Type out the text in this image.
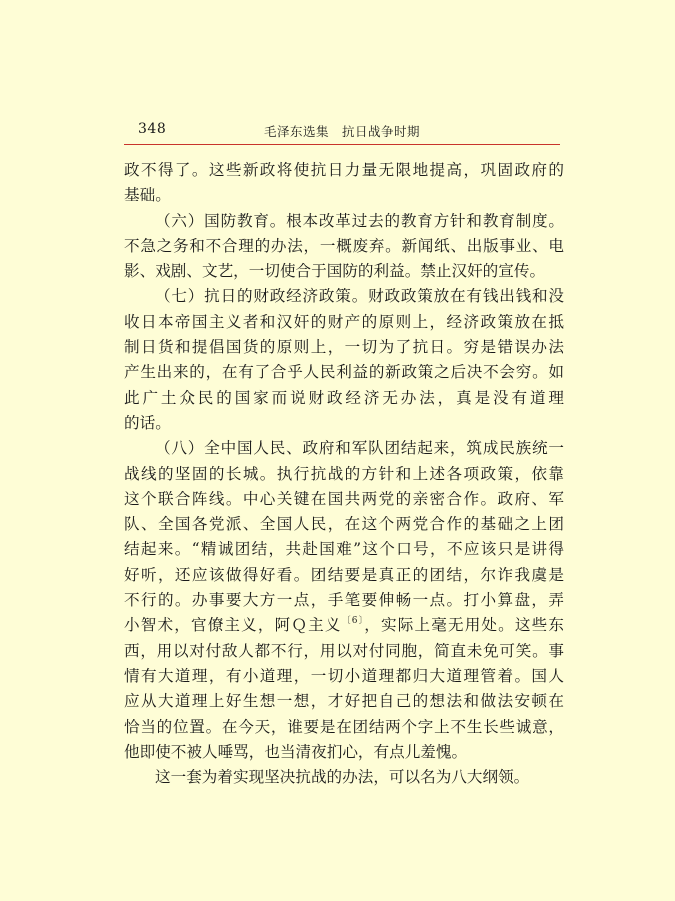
348	毛泽东选集　抗日战争时期
政不得了。这些新政将使抗日力量无限地提高，巩固政府的
基础。
（六）国防教育。根本改革过去的教育方针和教育制度。
不急之务和不合理的办法，一概废弃。新闻纸、出版事业、电
影、戏剧、文艺，一切使合于国防的利益。禁止汉奸的宣传。
（七）抗日的财政经济政策。财政政策放在有钱出钱和没
收日本帝国主义者和汉奸的财产的原则上，经济政策放在抵
制日货和提倡国货的原则上，一切为了抗日。穷是错误办法
产生出来的，在有了合乎人民利益的新政策之后决不会穷。如
此广土众民的国家而说财政经济无办法，真是没有道理
的话。
（八）全中国人民、政府和军队团结起来，筑成民族统一
战线的坚固的长城。执行抗战的方针和上述各项政策，依靠
这个联合阵线。中心关键在国共两党的亲密合作。政府、军
队、全国各党派、全国人民，在这个两党合作的基础之上团
结起来。“精诚团结，共赴国难”这个口号，不应该只是讲得
好听，还应该做得好看。团结要是真正的团结，尔诈我虞是
不行的。办事要大方一点，手笔要伸畅一点。打小算盘，弄
小智术，官僚主义，阿Ｑ主义$^{〔6〕}$，实际上毫无用处。这些东
西，用以对付敌人都不行，用以对付同胞，简直未免可笑。事
情有大道理，有小道理，一切小道理都归大道理管着。国人
应从大道理上好生想一想，才好把自己的想法和做法安顿在
恰当的位置。在今天，谁要是在团结两个字上不生长些诚意，
他即使不被人唾骂，也当清夜扪心，有点儿羞愧。
这一套为着实现坚决抗战的办法，可以名为八大纲领。
